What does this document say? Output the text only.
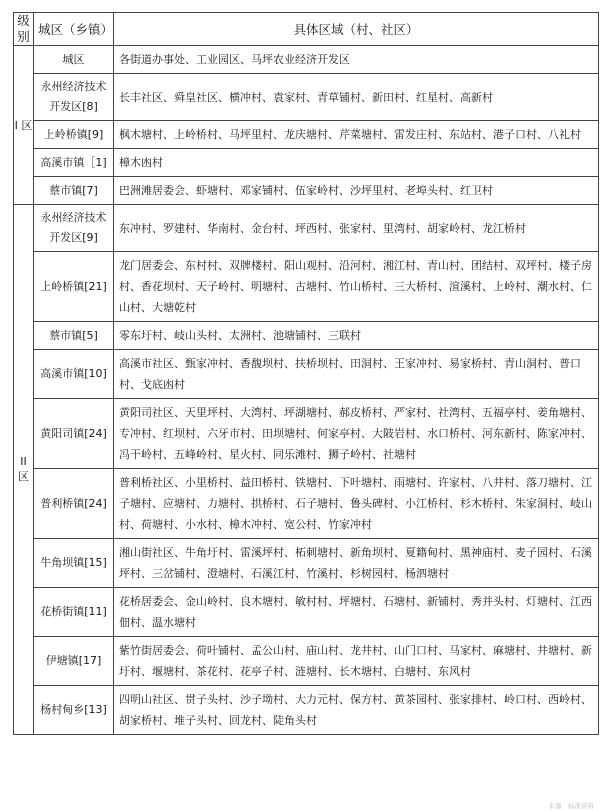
级别	城区（乡镇）	具体区域（村、社区）
I 区	城区	各街道办事处、工业园区、马坪农业经济开发区
	永州经济技术开发区[8]	长丰社区、舜皇社区、横冲村、袁家村、青草铺村、新田村、红星村、高新村
	上岭桥镇[9]	枫木塘村、上岭桥村、马坪里村、龙庆塘村、芹菜塘村、雷发庄村、东站村、港子口村、八礼村
	高溪市镇［1]	樟木凼村
	蔡市镇[7]	巴洲滩居委会、虾塘村、邓家铺村、伍家岭村、沙坪里村、老埠头村、红卫村
II 区	永州经济技术开发区[9]	东冲村、罗建村、华南村、金台村、坪西村、张家村、里湾村、胡家岭村、龙江桥村
	上岭桥镇[21]	龙门居委会、东村村、双牌楼村、阳山观村、沿河村、湘江村、青山村、团结村、双坪村、楼子房村、香花坝村、天子岭村、明塘村、古塘村、竹山桥村、三大桥村、渲溪村、上岭村、潮水村、仁山村、大塘乾村
	蔡市镇[5]	零东圩村、岐山头村、太洲村、池塘铺村、三联村
	高溪市镇[10]	高溪市社区、甄家冲村、香馥坝村、扶桥坝村、田洞村、王家冲村、易家桥村、青山洞村、普口村、戈底凼村
	黄阳司镇[24]	黄阳司社区、天里坪村、大湾村、坪湖塘村、郝皮桥村、严家村、社湾村、五福亭村、姜角塘村、专冲村、红坝村、六牙市村、田坝塘村、何家亭村、大陂岩村、水口桥村、河东新村、陈家冲村、冯干岭村、五峰岭村、星火村、同乐滩村、狮子岭村、社塘村
	普利桥镇[24]	普利桥社区、小里桥村、益田桥村、铁塘村、下叶塘村、雨塘村、许家村、八井村、落刀塘村、江子塘村、应塘村、力塘村、拱桥村、石子塘村、鲁头碑村、小江桥村、杉木桥村、朱家洞村、岐山村、荷塘村、小水村、樟木冲村、宽公村、竹家冲村
	牛角坝镇[15]	湘山街社区、牛角圩村、雷溪坪村、柘刺塘村、新角坝村、夏籍甸村、黑神庙村、麦子园村、石溪坪村、三岔铺村、澄塘村、石溪江村、竹溪村、杉树园村、杨泗塘村
	花桥街镇[11]	花桥居委会、金山岭村、良木塘村、敏村村、坪塘村、石塘村、新铺村、秀并头村、灯塘村、江西佃村、温水塘村
	伊塘镇[17]	紫竹街居委会、荷叶铺村、孟公山村、庙山村、龙井村、山门口村、马家村、麻塘村、井塘村、新圩村、堰塘村、茶花村、花亭子村、涟塘村、长木塘村、白塘村、东风村
	杨村甸乡[13]	四明山社区、贯子头村、沙子坳村、大力元村、保方村、黄茶园村、张家排村、岭口村、西岭村、胡家桥村、堆子头村、回龙村、陡角头村
来源：标准资料
